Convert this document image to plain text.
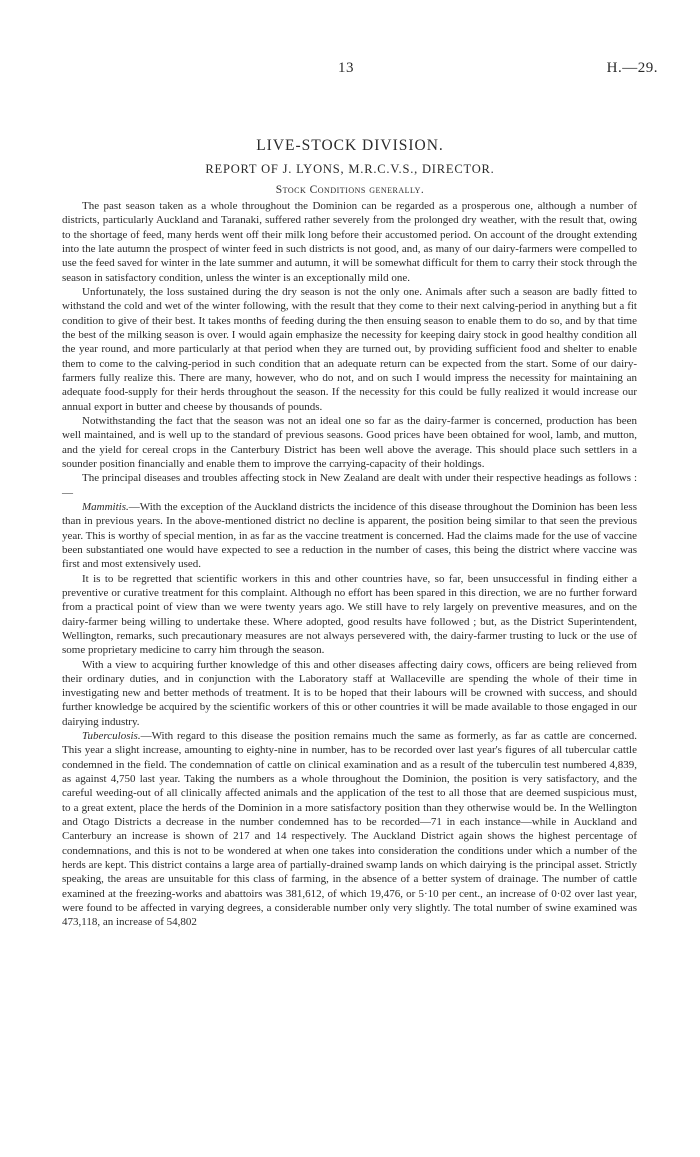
13	H.—29.
LIVE-STOCK DIVISION.
REPORT OF J. LYONS, M.R.C.V.S., DIRECTOR.
Stock Conditions generally.

The past season taken as a whole throughout the Dominion can be regarded as a prosperous one, although a number of districts, particularly Auckland and Taranaki, suffered rather severely from the prolonged dry weather, with the result that, owing to the shortage of feed, many herds went off their milk long before their accustomed period. On account of the drought extending into the late autumn the prospect of winter feed in such districts is not good, and, as many of our dairy-farmers were compelled to use the feed saved for winter in the late summer and autumn, it will be somewhat difficult for them to carry their stock through the season in satisfactory condition, unless the winter is an exceptionally mild one.

Unfortunately, the loss sustained during the dry season is not the only one. Animals after such a season are badly fitted to withstand the cold and wet of the winter following, with the result that they come to their next calving-period in anything but a fit condition to give of their best. It takes months of feeding during the then ensuing season to enable them to do so, and by that time the best of the milking season is over. I would again emphasize the necessity for keeping dairy stock in good healthy condition all the year round, and more particularly at that period when they are turned out, by providing sufficient food and shelter to enable them to come to the calving-period in such condition that an adequate return can be expected from the start. Some of our dairy-farmers fully realize this. There are many, however, who do not, and on such I would impress the necessity for maintaining an adequate food-supply for their herds throughout the season. If the necessity for this could be fully realized it would increase our annual export in butter and cheese by thousands of pounds.

Notwithstanding the fact that the season was not an ideal one so far as the dairy-farmer is concerned, production has been well maintained, and is well up to the standard of previous seasons. Good prices have been obtained for wool, lamb, and mutton, and the yield for cereal crops in the Canterbury District has been well above the average. This should place such settlers in a sounder position financially and enable them to improve the carrying-capacity of their holdings.

The principal diseases and troubles affecting stock in New Zealand are dealt with under their respective headings as follows :—

Mammitis.—With the exception of the Auckland districts the incidence of this disease throughout the Dominion has been less than in previous years. In the above-mentioned district no decline is apparent, the position being similar to that seen the previous year. This is worthy of special mention, in as far as the vaccine treatment is concerned. Had the claims made for the use of vaccine been substantiated one would have expected to see a reduction in the number of cases, this being the district where vaccine was first and most extensively used.

It is to be regretted that scientific workers in this and other countries have, so far, been unsuccessful in finding either a preventive or curative treatment for this complaint. Although no effort has been spared in this direction, we are no further forward from a practical point of view than we were twenty years ago. We still have to rely largely on preventive measures, and on the dairy-farmer being willing to undertake these. Where adopted, good results have followed ; but, as the District Superintendent, Wellington, remarks, such precautionary measures are not always persevered with, the dairy-farmer trusting to luck or the use of some proprietary medicine to carry him through the season.

With a view to acquiring further knowledge of this and other diseases affecting dairy cows, officers are being relieved from their ordinary duties, and in conjunction with the Laboratory staff at Wallaceville are spending the whole of their time in investigating new and better methods of treatment. It is to be hoped that their labours will be crowned with success, and should further knowledge be acquired by the scientific workers of this or other countries it will be made available to those engaged in our dairying industry.

Tuberculosis.—With regard to this disease the position remains much the same as formerly, as far as cattle are concerned. This year a slight increase, amounting to eighty-nine in number, has to be recorded over last year's figures of all tubercular cattle condemned in the field. The condemnation of cattle on clinical examination and as a result of the tuberculin test numbered 4,839, as against 4,750 last year. Taking the numbers as a whole throughout the Dominion, the position is very satisfactory, and the careful weeding-out of all clinically affected animals and the application of the test to all those that are deemed suspicious must, to a great extent, place the herds of the Dominion in a more satisfactory position than they otherwise would be. In the Wellington and Otago Districts a decrease in the number condemned has to be recorded—71 in each instance—while in Auckland and Canterbury an increase is shown of 217 and 14 respectively. The Auckland District again shows the highest percentage of condemnations, and this is not to be wondered at when one takes into consideration the conditions under which a number of the herds are kept. This district contains a large area of partially-drained swamp lands on which dairying is the principal asset. Strictly speaking, the areas are unsuitable for this class of farming, in the absence of a better system of drainage. The number of cattle examined at the freezing-works and abattoirs was 381,612, of which 19,476, or 5·10 per cent., an increase of 0·02 over last year, were found to be affected in varying degrees, a considerable number only very slightly. The total number of swine examined was 473,118, an increase of 54,802
